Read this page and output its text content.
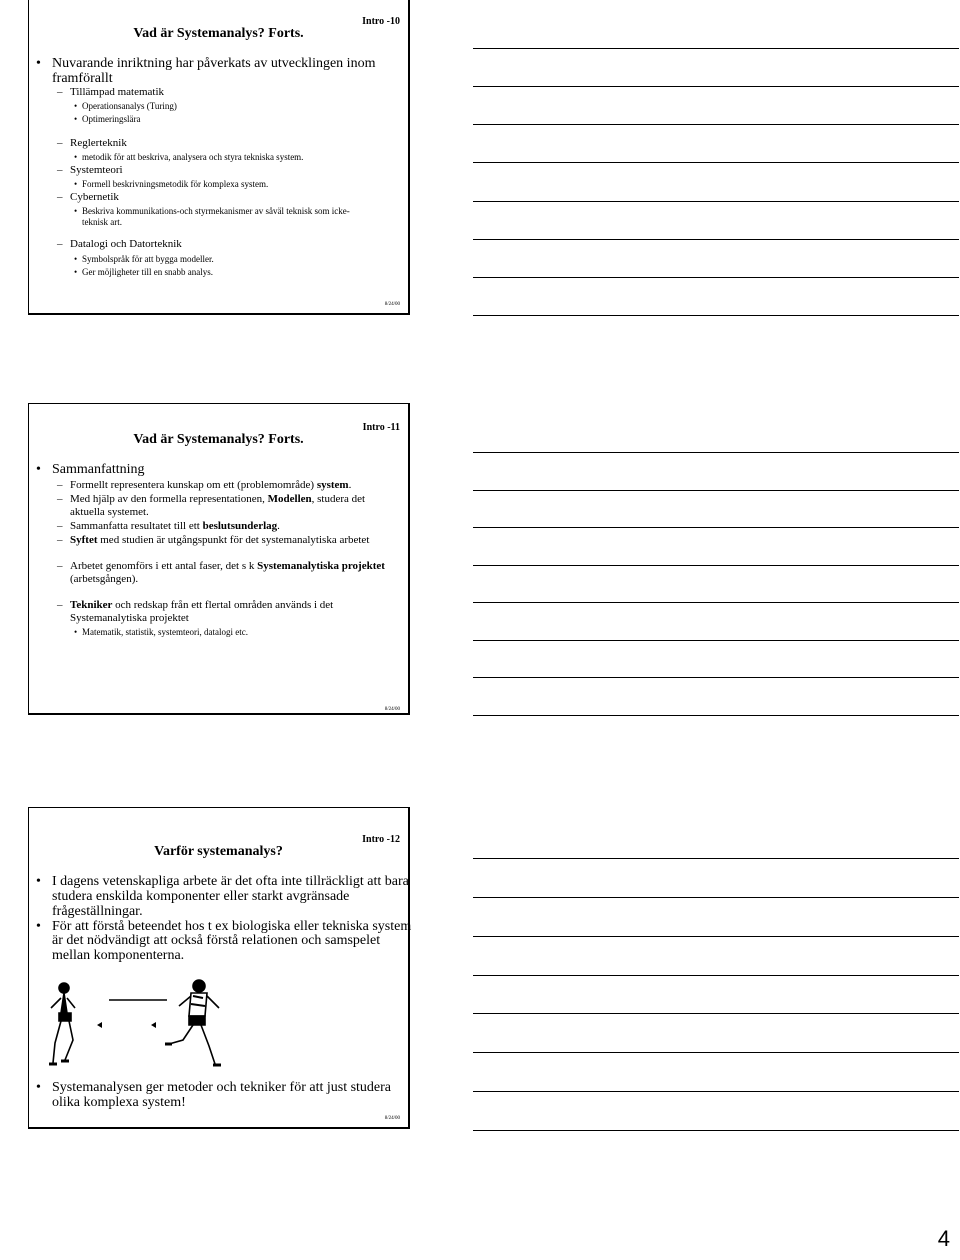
Vad är Systemanalys? Forts.
Intro -10
• Nuvarande inriktning har påverkats av utvecklingen inom
framförallt
– Tillämpad matematik
• Operationsanalys (Turing)
• Optimeringslära
– Reglerteknik
• metodik för att beskriva, analysera och styra tekniska system.
– Systemteori
• Formell beskrivningsmetodik för komplexa system.
– Cybernetik
• Beskriva kommunikations-och styrmekanismer av såväl teknisk som icke-
teknisk art.
– Datalogi och Datorteknik
• Symbolspråk för att bygga modeller.
• Ger möjligheter till en snabb analys.
8/24/00
Vad är Systemanalys? Forts.
Intro -11
• Sammanfattning
– Formellt representera kunskap om ett (problemområde) system.
– Med hjälp av den formella representationen, Modellen, studera det
aktuella systemet.
– Sammanfatta resultatet till ett beslutsunderlag.
– Syftet med studien är utgångspunkt för det systemanalytiska arbetet
– Arbetet genomförs i ett antal faser, det s k Systemanalytiska projektet
(arbetsgången).
– Tekniker och redskap från ett flertal områden används i det
Systemanalytiska projektet
• Matematik, statistik, systemteori, datalogi etc.
8/24/00
Varför systemanalys?
Intro -12
• I dagens vetenskapliga arbete är det ofta inte tillräckligt att bara
studera enskilda komponenter eller starkt avgränsade
frågeställningar.
• För att förstå beteendet hos t ex biologiska eller tekniska system
är det nödvändigt att också förstå relationen och samspelet
mellan komponenterna.
• Systemanalysen ger metoder och tekniker för att just studera
olika komplexa system!
8/24/00
4
